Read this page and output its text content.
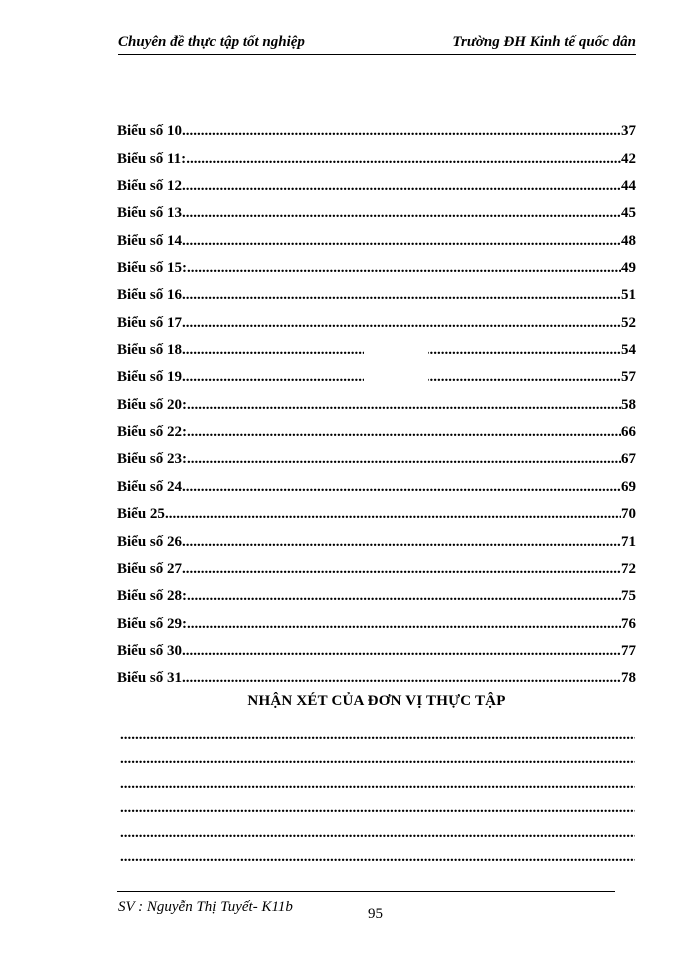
Chuyên đề thực tập tốt nghiệp	Trường ĐH Kinh tế quốc dân
Biểu số 10 .....	37
Biểu số 11: .....	42
Biểu số 12 .....	44
Biểu số 13 .....	45
Biểu số 14 .....	48
Biểu số 15: .....	49
Biểu số 16 .....	51
Biểu số 17 .....	52
Biểu số 18 .....	54
Biểu số 19 .....	57
Biểu số 20: .....	58
Biểu số 22: .....	66
Biểu số 23: .....	67
Biểu số 24 .....	69
Biểu 25 .....	70
Biểu số 26 .....	71
Biểu số 27 .....	72
Biểu số 28: .....	75
Biểu số 29: .....	76
Biểu số 30 .....	77
Biểu số 31 .....	78
NHẬN XÉT CỦA ĐƠN VỊ THỰC TẬP
.....
.....
.....
.....
.....
.....
SV : Nguyễn Thị Tuyết- K11b	95
